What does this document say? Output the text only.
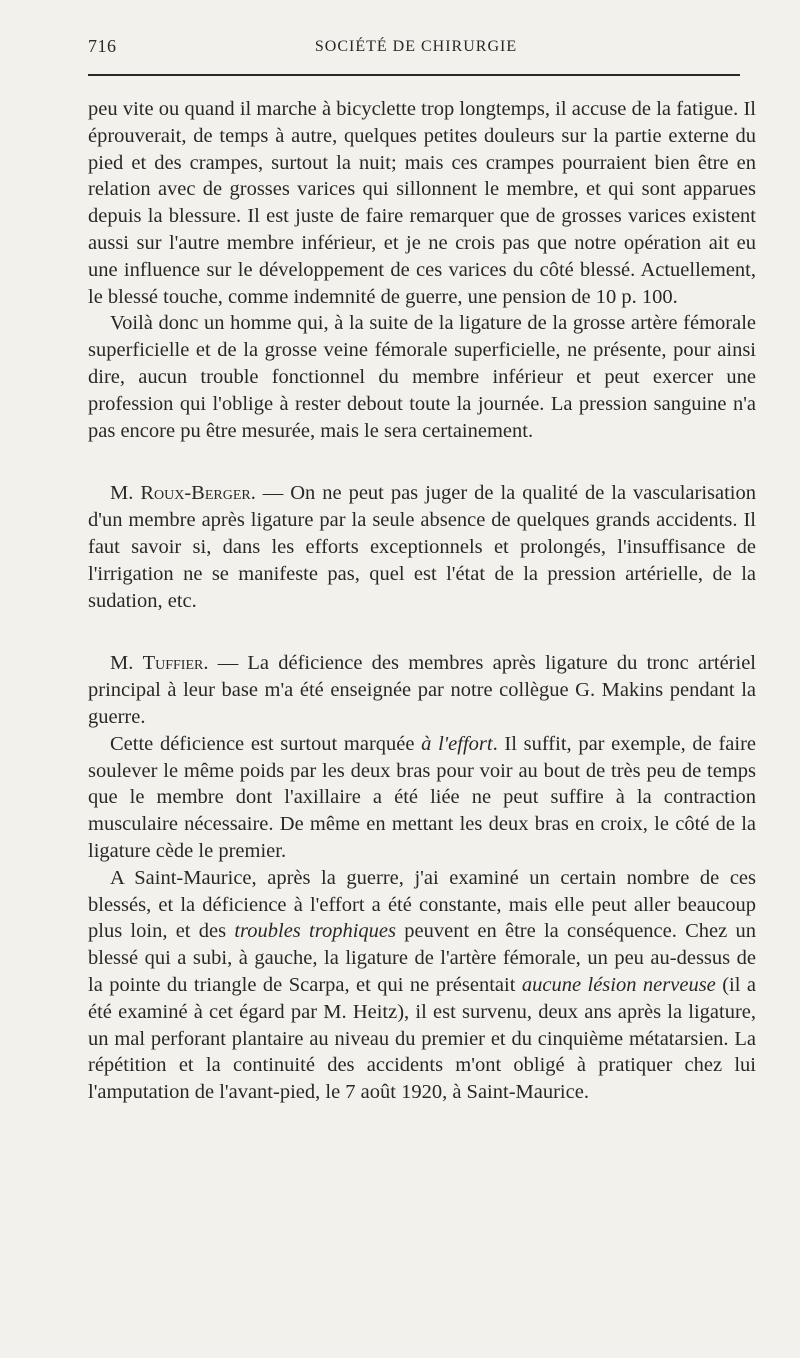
716	SOCIÉTÉ DE CHIRURGIE

peu vite ou quand il marche à bicyclette trop longtemps, il accuse de la fatigue. Il éprouverait, de temps à autre, quelques petites douleurs sur la partie externe du pied et des crampes, surtout la nuit; mais ces crampes pourraient bien être en relation avec de grosses varices qui sillonnent le membre, et qui sont apparues depuis la blessure. Il est juste de faire remarquer que de grosses varices existent aussi sur l'autre membre inférieur, et je ne crois pas que notre opération ait eu une influence sur le développement de ces varices du côté blessé. Actuellement, le blessé touche, comme indemnité de guerre, une pension de 10 p. 100.

Voilà donc un homme qui, à la suite de la ligature de la grosse artère fémorale superficielle et de la grosse veine fémorale superficielle, ne présente, pour ainsi dire, aucun trouble fonctionnel du membre inférieur et peut exercer une profession qui l'oblige à rester debout toute la journée. La pression sanguine n'a pas encore pu être mesurée, mais le sera certainement.

M. Roux-Berger. — On ne peut pas juger de la qualité de la vascularisation d'un membre après ligature par la seule absence de quelques grands accidents. Il faut savoir si, dans les efforts exceptionnels et prolongés, l'insuffisance de l'irrigation ne se manifeste pas, quel est l'état de la pression artérielle, de la sudation, etc.

M. Tuffier. — La déficience des membres après ligature du tronc artériel principal à leur base m'a été enseignée par notre collègue G. Makins pendant la guerre.

Cette déficience est surtout marquée à l'effort. Il suffit, par exemple, de faire soulever le même poids par les deux bras pour voir au bout de très peu de temps que le membre dont l'axillaire a été liée ne peut suffire à la contraction musculaire nécessaire. De même en mettant les deux bras en croix, le côté de la ligature cède le premier.

A Saint-Maurice, après la guerre, j'ai examiné un certain nombre de ces blessés, et la déficience à l'effort a été constante, mais elle peut aller beaucoup plus loin, et des troubles trophiques peuvent en être la conséquence. Chez un blessé qui a subi, à gauche, la ligature de l'artère fémorale, un peu au-dessus de la pointe du triangle de Scarpa, et qui ne présentait aucune lésion nerveuse (il a été examiné à cet égard par M. Heitz), il est survenu, deux ans après la ligature, un mal perforant plantaire au niveau du premier et du cinquième métatarsien. La répétition et la continuité des accidents m'ont obligé à pratiquer chez lui l'amputation de l'avant-pied, le 7 août 1920, à Saint-Maurice.
